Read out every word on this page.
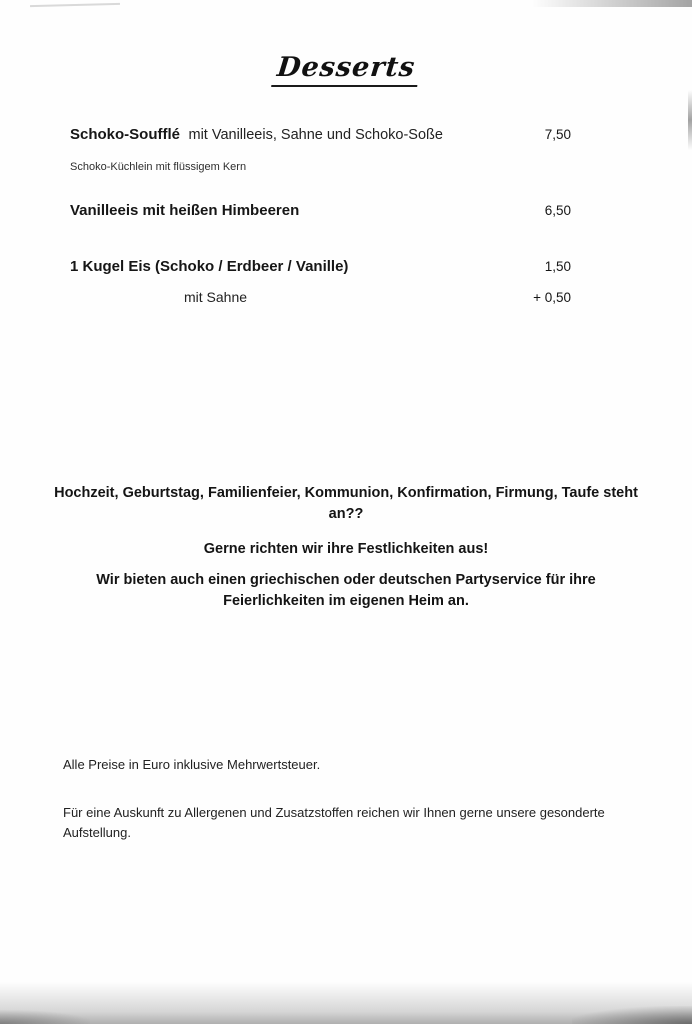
Desserts
Schoko-Soufflé mit Vanilleeis, Sahne und Schoko-Soße	7,50
Schoko-Küchlein mit flüssigem Kern
Vanilleeis mit heißen Himbeeren	6,50
1 Kugel Eis (Schoko / Erdbeer / Vanille)	1,50
mit Sahne	+ 0,50
Hochzeit, Geburtstag, Familienfeier, Kommunion, Konfirmation, Firmung, Taufe steht an??
Gerne richten wir ihre Festlichkeiten aus!
Wir bieten auch einen griechischen oder deutschen Partyservice für ihre Feierlichkeiten im eigenen Heim an.
Alle Preise in Euro inklusive Mehrwertsteuer.
Für eine Auskunft zu Allergenen und Zusatzstoffen reichen wir Ihnen gerne unsere gesonderte Aufstellung.
